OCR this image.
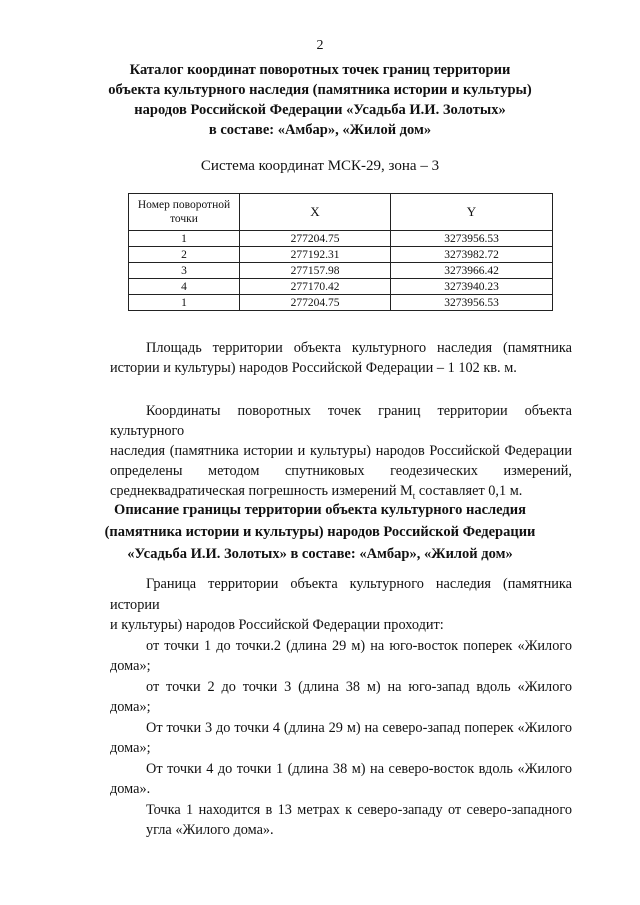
2
Каталог координат поворотных точек границ территории
объекта культурного наследия (памятника истории и культуры)
народов Российской Федерации «Усадьба И.И. Золотых»
в составе: «Амбар», «Жилой дом»
Система координат МСК-29, зона – 3
Номер поворотной точки	X	Y
1	277204.75	3273956.53
2	277192.31	3273982.72
3	277157.98	3273966.42
4	277170.42	3273940.23
1	277204.75	3273956.53
Площадь территории объекта культурного наследия (памятника
истории и культуры) народов Российской Федерации – 1 102 кв. м.
Координаты поворотных точек границ территории объекта культурного
наследия (памятника истории и культуры) народов Российской Федерации
определены методом спутниковых геодезических измерений,
среднеквадратическая погрешность измерений $M_t$ составляет 0,1 м.
Описание границы территории объекта культурного наследия
(памятника истории и культуры) народов Российской Федерации
«Усадьба И.И. Золотых» в составе: «Амбар», «Жилой дом»
Граница территории объекта культурного наследия (памятника истории
и культуры) народов Российской Федерации проходит:
от точки 1 до точки.2 (длина 29 м) на юго-восток поперек «Жилого
дома»;
от точки 2 до точки 3 (длина 38 м) на юго-запад вдоль «Жилого дома»;
От точки 3 до точки 4 (длина 29 м) на северо-запад поперек «Жилого
дома»;
От точки 4 до точки 1 (длина 38 м) на северо-восток вдоль «Жилого
дома».
Точка 1 находится в 13 метрах к северо-западу от северо-западного
угла «Жилого дома».
